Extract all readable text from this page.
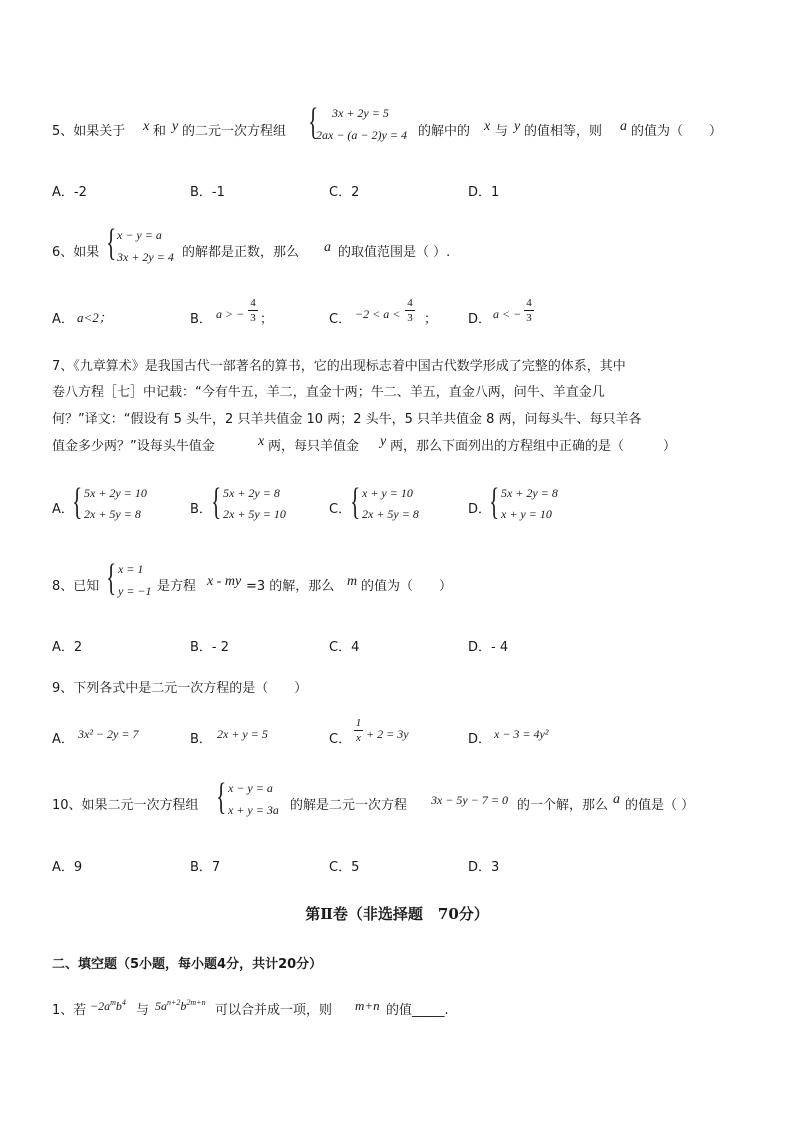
5、如果关于 x 和 y 的二元一次方程组 { 3x + 2y = 5
2ax − (a − 2)y = 4 的解中的 x 与 y 的值相等，则 a 的值为（　　）
A．-2	B．-1	C．2	D．1
6、如果 { x − y = a
3x + 2y = 4 的解都是正数，那么 a 的取值范围是（ ）.
A． a<2；	B． a > −
4
3 ；	C． −2 < a <
4
3 ； D． a < −
4
3
7、《九章算术》是我国古代一部著名的算书，它的出现标志着中国古代数学形成了完整的体系，其中
卷八方程［七］中记载：“今有牛五，羊二，直金十两；牛二、羊五，直金八两，问牛、羊直金几
何？”译文：“假设有 5 头牛，2 只羊共值金 10 两；2 头牛，5 只羊共值金 8 两，问每头牛、每只羊各
值金多少两？”设每头牛值金	x 两，每只羊值金 y 两，那么下面列出的方程组中正确的是（　　　）
A．
{ 5x + 2y = 10
2x + 5y = 8	B． { 5x + 2y = 8
2x + 5y = 10	C． { x + y = 10
2x + 5y = 8	D．
{ 5x + 2y = 8
x + y = 10
8、已知 { x = 1
y = −1 是方程 x - my =3 的解，那么 m 的值为（　　）
A．2	B．- 2	C．4	D．- 4
9、下列各式中是二元一次方程的是（　　）
A． 3x² − 2y = 7	B． 2x + y = 5	C．
1
x + 2 = 3y	D． x − 3 = 4y²
10、如果二元一次方程组 { x − y = a
x + y = 3a 的解是二元一次方程 3x − 5y − 7 = 0 的一个解，那么 a 的值是（ ）
A．9	B．7	C．5	D．3
第Ⅱ卷（非选择题　70分）
二、填空题（5小题，每小题4分，共计20分）
1、若 $-2a^mb^4$
与 $5a^{n+2}b^{2m+n}$
可以合并成一项，则 m+n 的值_____.
